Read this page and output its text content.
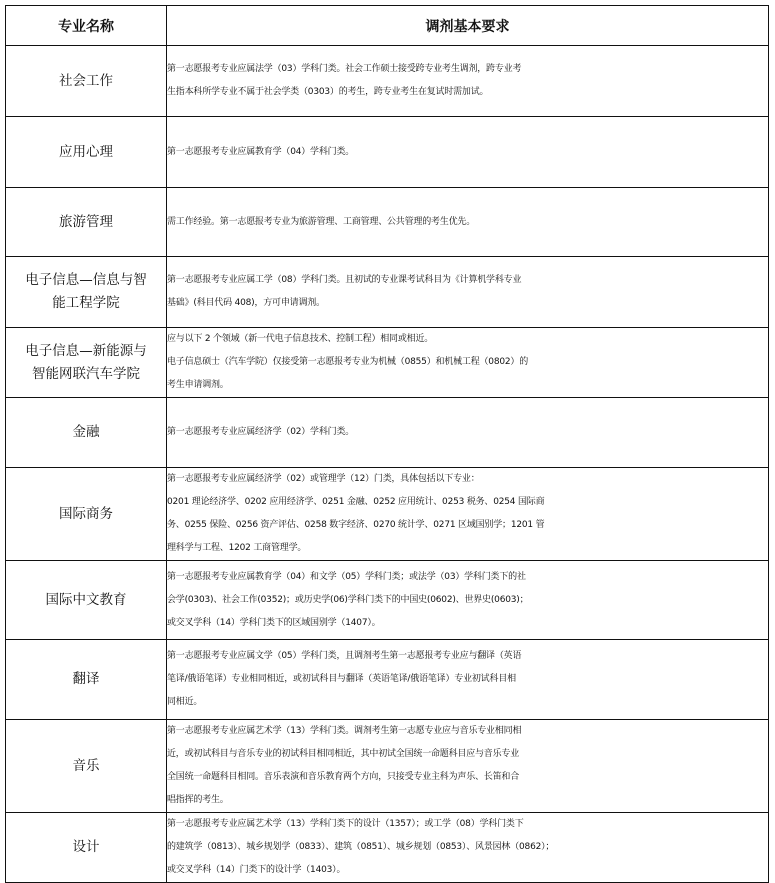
专业名称	调剂基本要求

社会工作	第一志愿报考专业应属法学（03）学科门类。社会工作硕士接受跨专业考生调剂，跨专业考
生指本科所学专业不属于社会学类（0303）的考生，跨专业考生在复试时需加试。

应用心理	第一志愿报考专业应属教育学（04）学科门类。

旅游管理	需工作经验。第一志愿报考专业为旅游管理、工商管理、公共管理的考生优先。

电子信息—信息与智
能工程学院	第一志愿报考专业应属工学（08）学科门类。且初试的专业课考试科目为《计算机学科专业
基础》(科目代码 408)，方可申请调剂。

电子信息—新能源与
智能网联汽车学院	应与以下 2 个领域（新一代电子信息技术、控制工程）相同或相近。
电子信息硕士（汽车学院）仅接受第一志愿报考专业为机械（0855）和机械工程（0802）的
考生申请调剂。

金融	第一志愿报考专业应属经济学（02）学科门类。

国际商务	第一志愿报考专业应属经济学（02）或管理学（12）门类，具体包括以下专业：
0201 理论经济学、0202 应用经济学、0251 金融、0252 应用统计、0253 税务、0254 国际商
务、0255 保险、0256 资产评估、0258 数字经济、0270 统计学、0271 区域国别学；1201 管
理科学与工程、1202 工商管理学。

国际中文教育	第一志愿报考专业应属教育学（04）和文学（05）学科门类；或法学（03）学科门类下的社
会学(0303)、社会工作(0352)；或历史学(06)学科门类下的中国史(0602)、世界史(0603)；
或交叉学科（14）学科门类下的区域国别学（1407）。

翻译	第一志愿报考专业应属文学（05）学科门类，且调剂考生第一志愿报考专业应与翻译（英语
笔译/俄语笔译）专业相同相近，或初试科目与翻译（英语笔译/俄语笔译）专业初试科目相
同相近。

音乐	第一志愿报考专业应属艺术学（13）学科门类。调剂考生第一志愿专业应与音乐专业相同相
近，或初试科目与音乐专业的初试科目相同相近，其中初试全国统一命题科目应与音乐专业
全国统一命题科目相同。音乐表演和音乐教育两个方向，只接受专业主科为声乐、长笛和合
唱指挥的考生。

设计	第一志愿报考专业应属艺术学（13）学科门类下的设计（1357）；或工学（08）学科门类下
的建筑学（0813）、城乡规划学（0833）、建筑（0851）、城乡规划（0853）、风景园林（0862）；
或交叉学科（14）门类下的设计学（1403）。
